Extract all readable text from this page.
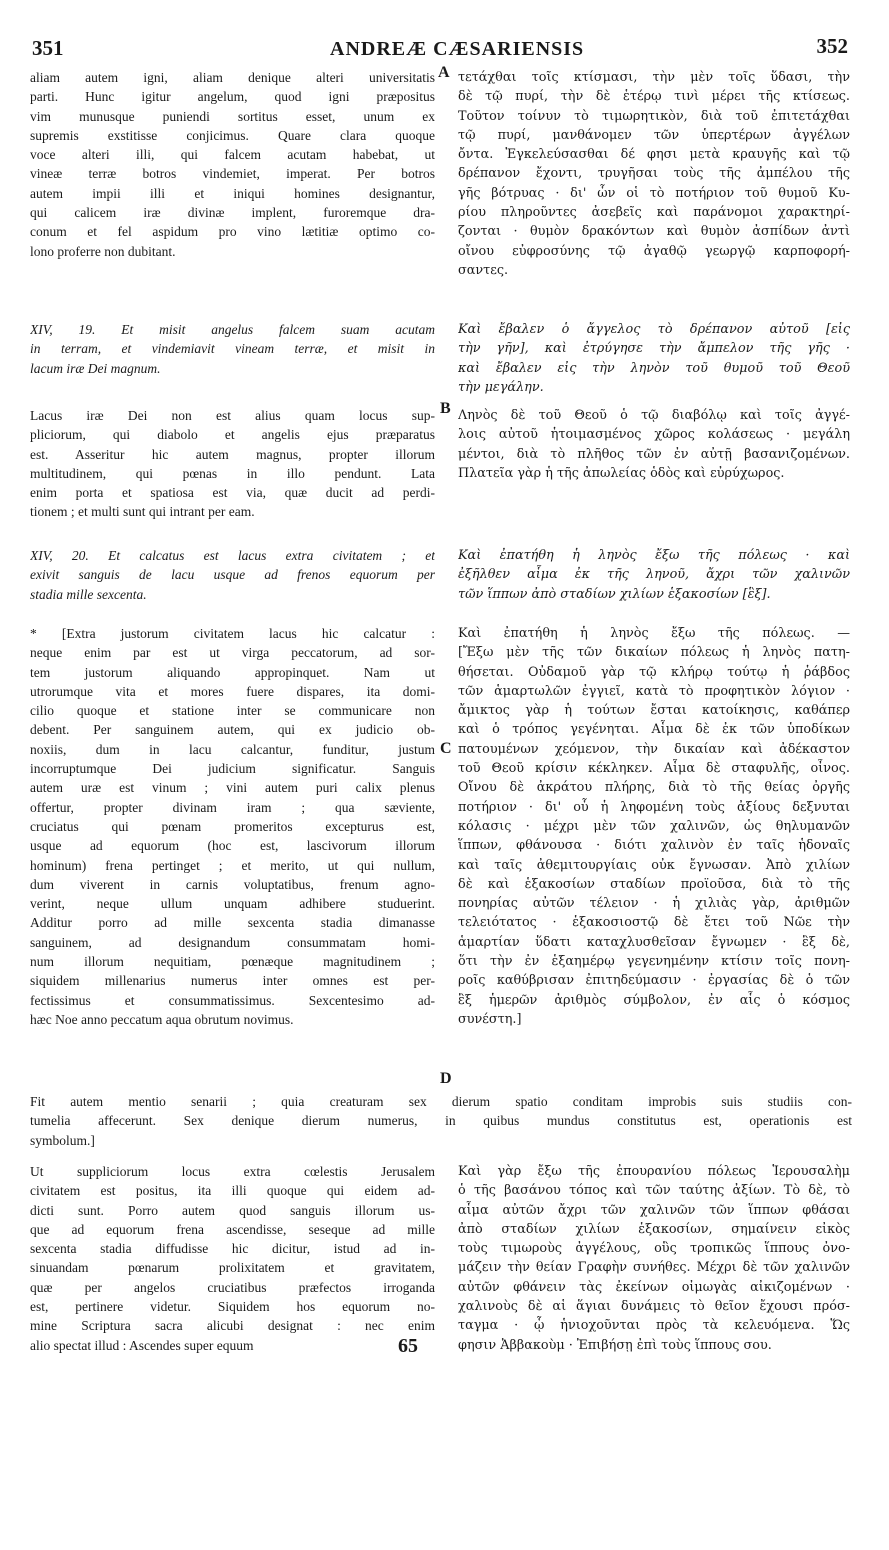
351	ANDREÆ CÆSARIENSIS	352
aliam autem igni, aliam denique alteri universitatis
parti. Hunc igitur angelum, quod igni præpositus
vim munusque puniendi sortitus esset, unum ex
supremis exstitisse conjicimus. Quare clara quoque
voce alteri illi, qui falcem acutam habebat, ut
vineæ terræ botros vindemiet, imperat. Per botros
autem impii illi et iniqui homines designantur,
qui calicem iræ divinæ implent, furoremque dra-
conum et fel aspidum pro vino lætitiæ optimo co-
lono proferre non dubitant.
τετάχθαι τοῖς κτίσμασι, τὴν μὲν τοῖς ὕδασι, τὴν
δὲ τῷ πυρί, τὴν δὲ ἑτέρῳ τινὶ μέρει τῆς κτίσεως.
Τοῦτον τοίνυν τὸ τιμωρητικὸν, διὰ τοῦ ἐπιτετάχθαι
τῷ πυρί, μανθάνομεν τῶν ὑπερτέρων ἀγγέλων
ὄντα. Ἐγκελεύσασθαι δέ φησι μετὰ κραυγῆς καὶ τῷ
δρέπανον ἔχοντι, τρυγῆσαι τοὺς τῆς ἀμπέλου τῆς
γῆς βότρυας · δι' ὧν οἱ τὸ ποτήριον τοῦ θυμοῦ Κυ-
ρίου πληροῦντες ἀσεβεῖς καὶ παράνομοι χαρακτηρί-
ζονται · θυμὸν δρακόντων καὶ θυμὸν ἀσπίδων ἀντὶ
οἴνου εὐφροσύνης τῷ ἀγαθῷ γεωργῷ καρποφορή-
σαντες.
XIV, 19. Et misit angelus falcem suam acutam
in terram, et vindemiavit vineam terræ, et misit in
lacum iræ Dei magnum.
Καὶ ἔβαλεν ὁ ἄγγελος τὸ δρέπανον αὐτοῦ [εἰς
τὴν γῆν], καὶ ἐτρύγησε τὴν ἄμπελον τῆς γῆς ·
καὶ ἔβαλεν εἰς τὴν ληνὸν τοῦ θυμοῦ τοῦ Θεοῦ
τὴν μεγάλην.
Lacus iræ Dei non est alius quam locus sup-
pliciorum, qui diabolo et angelis ejus præparatus
est. Asseritur hic autem magnus, propter illorum
multitudinem, qui pœnas in illo pendunt. Lata
enim porta et spatiosa est via, quæ ducit ad perdi-
tionem ; et multi sunt qui intrant per eam.
Ληνὸς δὲ τοῦ Θεοῦ ὁ τῷ διαβόλῳ καὶ τοῖς ἀγγέ-
λοις αὐτοῦ ἡτοιμασμένος χῶρος κολάσεως · μεγάλη
μέντοι, διὰ τὸ πλῆθος τῶν ἐν αὐτῇ βασανιζομένων.
Πλατεῖα γὰρ ἡ τῆς ἀπωλείας ὁδὸς καὶ εὐρύχωρος.
XIV, 20. Et calcatus est lacus extra civitatem ; et
exivit sanguis de lacu usque ad frenos equorum per
stadia mille sexcenta.
Καὶ ἐπατήθη ἡ ληνὸς ἔξω τῆς πόλεως · καὶ
ἐξῆλθεν αἷμα ἐκ τῆς ληνοῦ, ἄχρι τῶν χαλινῶν
τῶν ἵππων ἀπὸ σταδίων χιλίων ἑξακοσίων [ἓξ].
* [Extra justorum civitatem lacus hic calcatur :
neque enim par est ut virga peccatorum, ad sor-
tem justorum aliquando appropinquet. Nam ut
utrorumque vita et mores fuere dispares, ita domi-
cilio quoque et statione inter se communicare non
debent. Per sanguinem autem, qui ex judicio ob-
noxiis, dum in lacu calcantur, funditur, justum
incorruptumque Dei judicium significatur. Sanguis
autem uræ est vinum ; vini autem puri calix plenus
offertur, propter divinam iram ; qua sæviente,
cruciatus qui pœnam promeritos excepturus est,
usque ad equorum (hoc est, lascivorum illorum
hominum) frena pertinget ; et merito, ut qui nullum,
dum viverent in carnis voluptatibus, frenum agno-
verint, neque ullum unquam adhibere studuerint.
Additur porro ad mille sexcenta stadia dimanasse
sanguinem, ad designandum consummatam homi-
num illorum nequitiam, pœnæque magnitudinem ;
siquidem millenarius numerus inter omnes est per-
fectissimus et consummatissimus. Sexcentesimo ad-
hæc Noe anno peccatum aqua obrutum novimus.
Καὶ ἐπατήθη ἡ ληνὸς ἔξω τῆς πόλεως. —
[Ἔξω μὲν τῆς τῶν δικαίων πόλεως ἡ ληνὸς πατη-
θήσεται. Οὐδαμοῦ γὰρ τῷ κλήρῳ τούτῳ ἡ ῥάβδος
τῶν ἁμαρτωλῶν ἐγγιεῖ, κατὰ τὸ προφητικὸν λόγιον ·
ἄμικτος γὰρ ἡ τούτων ἔσται κατοίκησις, καθάπερ
καὶ ὁ τρόπος γεγένηται. Αἷμα δὲ ἐκ τῶν ὑποδίκων
πατουμένων χεόμενον, τὴν δικαίαν καὶ ἀδέκαστον
τοῦ Θεοῦ κρίσιν κέκληκεν. Αἷμα δὲ σταφυλῆς, οἶνος.
Οἴνου δὲ ἀκράτου πλήρης, διὰ τὸ τῆς θείας ὀργῆς
ποτήριον · δι' οὗ ἡ ληφομένη τοὺς ἀξίους δεξνυται
κόλασις · μέχρι μὲν τῶν χαλινῶν, ὡς θηλυμανῶν
ἵππων, φθάνουσα · διότι χαλινὸν ἐν ταῖς ἡδοναῖς
καὶ ταῖς ἀθεμιτουργίαις οὐκ ἔγνωσαν. Ἀπὸ χιλίων
δὲ καὶ ἑξακοσίων σταδίων προϊοῦσα, διὰ τὸ τῆς
πονηρίας αὐτῶν τέλειον · ἡ χιλιὰς γὰρ, ἀριθμῶν
τελειότατος · ἑξακοσιοστῷ δὲ ἔτει τοῦ Νῶε τὴν
ἁμαρτίαν ὕδατι καταχλυσθεῖσαν ἔγνωμεν · ἓξ δὲ,
ὅτι τὴν ἐν ἑξαημέρῳ γεγενημένην κτίσιν τοῖς πονη-
ροῖς καθύβρισαν ἐπιτηδεύμασιν · ἐργασίας δὲ ὁ τῶν
ἓξ ἡμερῶν ἀριθμὸς σύμβολον, ἐν αἷς ὁ κόσμος
συνέστη.]
Fit autem mentio senarii ; quia creaturam sex dierum spatio conditam improbis suis studiis con-
tumelia affecerunt. Sex denique dierum numerus, in quibus mundus constitutus est, operationis est
symbolum.]
Ut suppliciorum locus extra cœlestis Jerusalem
civitatem est positus, ita illi quoque qui eidem ad-
dicti sunt. Porro autem quod sanguis illorum us-
que ad equorum frena ascendisse, seseque ad mille
sexcenta stadia diffudisse hic dicitur, istud ad in-
sinuandam pœnarum prolixitatem et gravitatem,
quæ per angelos cruciatibus præfectos irroganda
est, pertinere videtur. Siquidem hos equorum no-
mine Scriptura sacra alicubi designat : nec enim
alio spectat illud : Ascendes super equum
Καὶ γὰρ ἔξω τῆς ἐπουρανίου πόλεως Ἱερουσαλὴμ
ὁ τῆς βασάνου τόπος καὶ τῶν ταύτης ἀξίων. Τὸ δὲ, τὸ
αἷμα αὐτῶν ἄχρι τῶν χαλινῶν τῶν ἵππων φθάσαι
ἀπὸ σταδίων χιλίων ἑξακοσίων, σημαίνειν εἰκὸς
τοὺς τιμωροὺς ἀγγέλους, οὓς τροπικῶς ἵππους ὀνο-
μάζειν τὴν θείαν Γραφὴν συνήθες. Μέχρι δὲ τῶν χαλινῶν
αὐτῶν φθάνειν τὰς ἐκείνων οἰμωγὰς αἰκιζομένων ·
χαλινοὺς δὲ αἱ ἅγιαι δυνάμεις τὸ θεῖον ἔχουσι πρόσ-
ταγμα · ᾧ ἡνιοχοῦνται πρὸς τὰ κελευόμενα. Ὥς
φησιν Ἀββακοὺμ · Ἐπιβήσῃ ἐπὶ τοὺς ἵππους σου.
A
B
C
D
65
